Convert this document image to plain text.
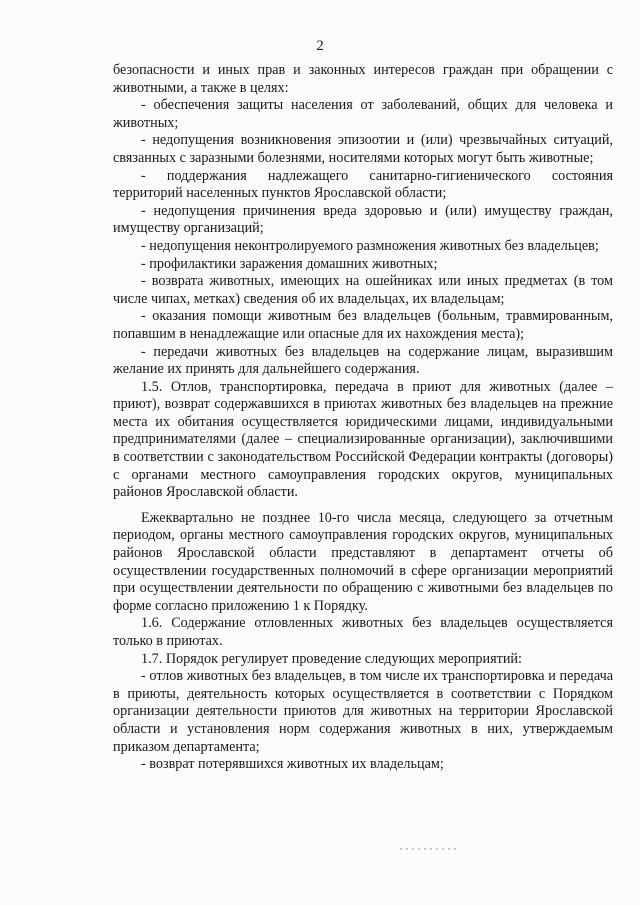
2

безопасности и иных прав и законных интересов граждан при обращении с животными, а также в целях:

- обеспечения защиты населения от заболеваний, общих для человека и животных;

- недопущения возникновения эпизоотии и (или) чрезвычайных ситуаций, связанных с заразными болезнями, носителями которых могут быть животные;

- поддержания надлежащего санитарно-гигиенического состояния территорий населенных пунктов Ярославской области;

- недопущения причинения вреда здоровью и (или) имуществу граждан, имуществу организаций;

- недопущения неконтролируемого размножения животных без владельцев;

- профилактики заражения домашних животных;

- возврата животных, имеющих на ошейниках или иных предметах (в том числе чипах, метках) сведения об их владельцах, их владельцам;

- оказания помощи животным без владельцев (больным, травмированным, попавшим в ненадлежащие или опасные для их нахождения места);

- передачи животных без владельцев на содержание лицам, выразившим желание их принять для дальнейшего содержания.

1.5. Отлов, транспортировка, передача в приют для животных (далее – приют), возврат содержавшихся в приютах животных без владельцев на прежние места их обитания осуществляется юридическими лицами, индивидуальными предпринимателями (далее – специализированные организации), заключившими в соответствии с законодательством Российской Федерации контракты (договоры) с органами местного самоуправления городских округов, муниципальных районов Ярославской области.

Ежеквартально не позднее 10-го числа месяца, следующего за отчетным периодом, органы местного самоуправления городских округов, муниципальных районов Ярославской области представляют в департамент отчеты об осуществлении государственных полномочий в сфере организации мероприятий при осуществлении деятельности по обращению с животными без владельцев по форме согласно приложению 1 к Порядку.

1.6. Содержание отловленных животных без владельцев осуществляется только в приютах.

1.7. Порядок регулирует проведение следующих мероприятий:

- отлов животных без владельцев, в том числе их транспортировка и передача в приюты, деятельность которых осуществляется в соответствии с Порядком организации деятельности приютов для животных на территории Ярославской области и установления норм содержания животных в них, утверждаемым приказом департамента;

- возврат потерявшихся животных их владельцам;
